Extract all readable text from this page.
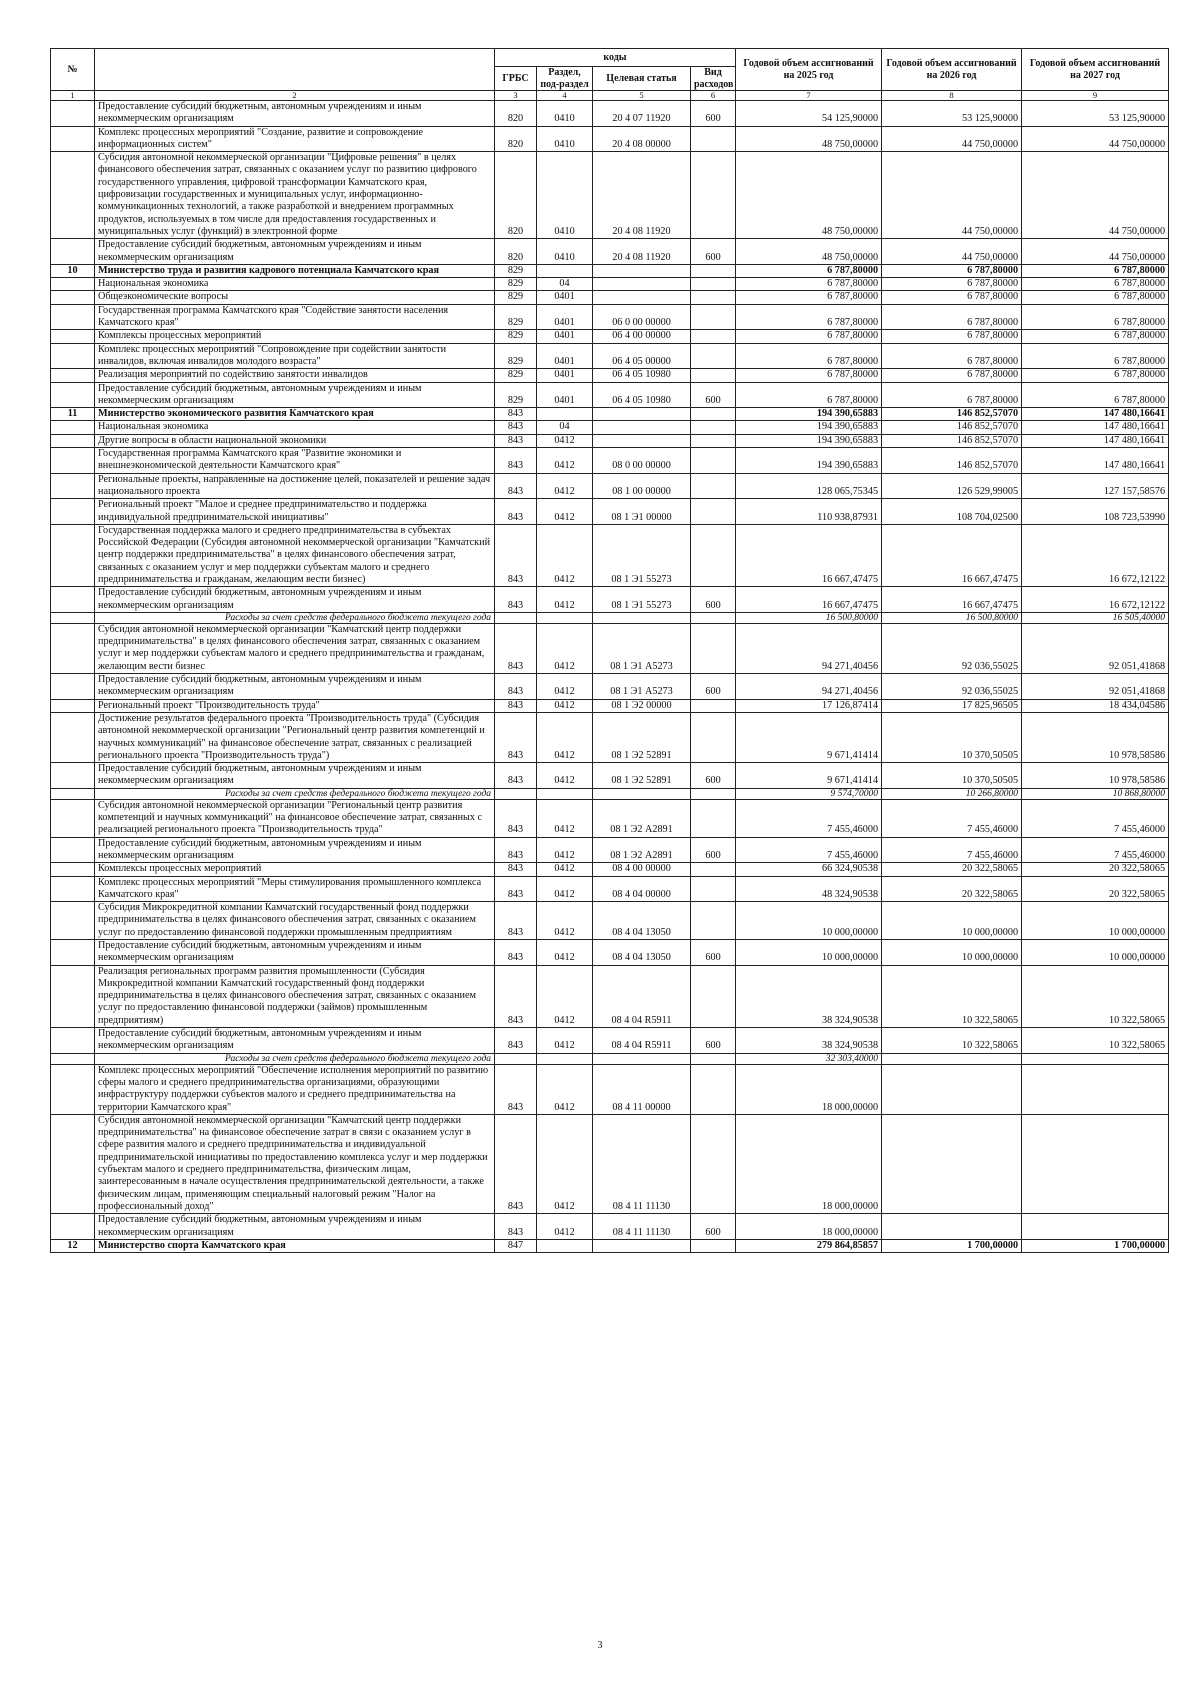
№		коды				Годовой объем ассигнований на 2025 год	Годовой объем ассигнований на 2026 год	Годовой объем ассигнований на 2027 год
		ГРБС	Раздел, под-раздел	Целевая статья	Вид расходов			
1	2	3	4	5	6	7	8	9
	Предоставление субсидий бюджетным, автономным учреждениям и иным некоммерческим организациям	820	0410	20 4 07 11920	600	54 125,90000	53 125,90000	53 125,90000
	Комплекс процессных мероприятий "Создание, развитие и сопровождение информационных систем"	820	0410	20 4 08 00000		48 750,00000	44 750,00000	44 750,00000
	Субсидия автономной некоммерческой организации "Цифровые решения" в целях финансового обеспечения затрат, связанных с оказанием услуг по развитию цифрового государственного управления, цифровой трансформации Камчатского края, цифровизации государственных и муниципальных услуг, информационно-коммуникационных технологий, а также разработкой и внедрением программных продуктов, используемых в том числе для предоставления государственных и муниципальных услуг (функций) в электронной форме	820	0410	20 4 08 11920		48 750,00000	44 750,00000	44 750,00000
	Предоставление субсидий бюджетным, автономным учреждениям и иным некоммерческим организациям	820	0410	20 4 08 11920	600	48 750,00000	44 750,00000	44 750,00000
10	Министерство труда и развития кадрового потенциала Камчатского края	829				6 787,80000	6 787,80000	6 787,80000
	Национальная экономика	829	04			6 787,80000	6 787,80000	6 787,80000
	Общеэкономические вопросы	829	0401			6 787,80000	6 787,80000	6 787,80000
	Государственная программа Камчатского края "Содействие занятости населения Камчатского края"	829	0401	06 0 00 00000		6 787,80000	6 787,80000	6 787,80000
	Комплексы процессных мероприятий	829	0401	06 4 00 00000		6 787,80000	6 787,80000	6 787,80000
	Комплекс процессных мероприятий "Сопровождение при содействии занятости инвалидов, включая инвалидов молодого возраста"	829	0401	06 4 05 00000		6 787,80000	6 787,80000	6 787,80000
	Реализация мероприятий по содействию занятости инвалидов	829	0401	06 4 05 10980		6 787,80000	6 787,80000	6 787,80000
	Предоставление субсидий бюджетным, автономным учреждениям и иным некоммерческим организациям	829	0401	06 4 05 10980	600	6 787,80000	6 787,80000	6 787,80000
11	Министерство экономического развития Камчатского края	843				194 390,65883	146 852,57070	147 480,16641
	Национальная экономика	843	04			194 390,65883	146 852,57070	147 480,16641
	Другие вопросы в области национальной экономики	843	0412			194 390,65883	146 852,57070	147 480,16641
	Государственная программа Камчатского края "Развитие экономики и внешнеэкономической деятельности Камчатского края"	843	0412	08 0 00 00000		194 390,65883	146 852,57070	147 480,16641
	Региональные проекты, направленные на достижение целей, показателей и решение задач национального проекта	843	0412	08 1 00 00000		128 065,75345	126 529,99005	127 157,58576
	Региональный проект "Малое и среднее предпринимательство и поддержка индивидуальной предпринимательской инициативы"	843	0412	08 1 Э1 00000		110 938,87931	108 704,02500	108 723,53990
	Государственная поддержка малого и среднего предпринимательства в субъектах Российской Федерации (Субсидия автономной некоммерческой организации "Камчатский центр поддержки предпринимательства" в целях финансового обеспечения затрат, связанных с оказанием услуг и мер поддержки субъектам малого и среднего предпринимательства и гражданам, желающим вести бизнес)	843	0412	08 1 Э1 55273		16 667,47475	16 667,47475	16 672,12122
	Предоставление субсидий бюджетным, автономным учреждениям и иным некоммерческим организациям	843	0412	08 1 Э1 55273	600	16 667,47475	16 667,47475	16 672,12122
	Расходы за счет средств федерального бюджета текущего года					16 500,80000	16 500,80000	16 505,40000
	Субсидия автономной некоммерческой организации "Камчатский центр поддержки предпринимательства" в целях финансового обеспечения затрат, связанных с оказанием услуг и мер поддержки субъектам малого и среднего предпринимательства и гражданам, желающим вести бизнес	843	0412	08 1 Э1 А5273		94 271,40456	92 036,55025	92 051,41868
	Предоставление субсидий бюджетным, автономным учреждениям и иным некоммерческим организациям	843	0412	08 1 Э1 А5273	600	94 271,40456	92 036,55025	92 051,41868
	Региональный проект "Производительность труда"	843	0412	08 1 Э2 00000		17 126,87414	17 825,96505	18 434,04586
	Достижение результатов федерального проекта "Производительность труда" (Субсидия автономной некоммерческой организации "Региональный центр развития компетенций и научных коммуникаций" на финансовое обеспечение затрат, связанных с реализацией регионального проекта "Производительность труда")	843	0412	08 1 Э2 52891		9 671,41414	10 370,50505	10 978,58586
	Предоставление субсидий бюджетным, автономным учреждениям и иным некоммерческим организациям	843	0412	08 1 Э2 52891	600	9 671,41414	10 370,50505	10 978,58586
	Расходы за счет средств федерального бюджета текущего года					9 574,70000	10 266,80000	10 868,80000
	Субсидия автономной некоммерческой организации "Региональный центр развития компетенций и научных коммуникаций" на финансовое обеспечение затрат, связанных с реализацией регионального проекта "Производительность труда"	843	0412	08 1 Э2 А2891		7 455,46000	7 455,46000	7 455,46000
	Предоставление субсидий бюджетным, автономным учреждениям и иным некоммерческим организациям	843	0412	08 1 Э2 А2891	600	7 455,46000	7 455,46000	7 455,46000
	Комплексы процессных мероприятий	843	0412	08 4 00 00000		66 324,90538	20 322,58065	20 322,58065
	Комплекс процессных мероприятий "Меры стимулирования промышленного комплекса Камчатского края"	843	0412	08 4 04 00000		48 324,90538	20 322,58065	20 322,58065
	Субсидия Микрокредитной компании Камчатский государственный фонд поддержки предпринимательства в целях финансового обеспечения затрат, связанных с оказанием услуг по предоставлению финансовой поддержки промышленным предприятиям	843	0412	08 4 04 13050		10 000,00000	10 000,00000	10 000,00000
	Предоставление субсидий бюджетным, автономным учреждениям и иным некоммерческим организациям	843	0412	08 4 04 13050	600	10 000,00000	10 000,00000	10 000,00000
	Реализация региональных программ развития промышленности (Субсидия Микрокредитной компании Камчатский государственный фонд поддержки предпринимательства в целях финансового обеспечения затрат, связанных с оказанием услуг по предоставлению финансовой поддержки (займов) промышленным предприятиям)	843	0412	08 4 04 R5911		38 324,90538	10 322,58065	10 322,58065
	Предоставление субсидий бюджетным, автономным учреждениям и иным некоммерческим организациям	843	0412	08 4 04 R5911	600	38 324,90538	10 322,58065	10 322,58065
	Расходы за счет средств федерального бюджета текущего года					32 303,40000		
	Комплекс процессных мероприятий "Обеспечение исполнения мероприятий по развитию сферы малого и среднего предпринимательства организациями, образующими инфраструктуру поддержки субъектов малого и среднего предпринимательства на территории Камчатского края"	843	0412	08 4 11 00000		18 000,00000		
	Субсидия автономной некоммерческой организации "Камчатский центр поддержки предпринимательства" на финансовое обеспечение затрат в связи с оказанием услуг в сфере развития малого и среднего предпринимательства и индивидуальной предпринимательской инициативы по предоставлению комплекса услуг и мер поддержки субъектам малого и среднего предпринимательства, физическим лицам, заинтересованным в начале осуществления предпринимательской деятельности, а также физическим лицам, применяющим специальный налоговый режим "Налог на профессиональный доход"	843	0412	08 4 11 11130		18 000,00000		
	Предоставление субсидий бюджетным, автономным учреждениям и иным некоммерческим организациям	843	0412	08 4 11 11130	600	18 000,00000		
12	Министерство спорта Камчатского края	847				279 864,85857	1 700,00000	1 700,00000
3
